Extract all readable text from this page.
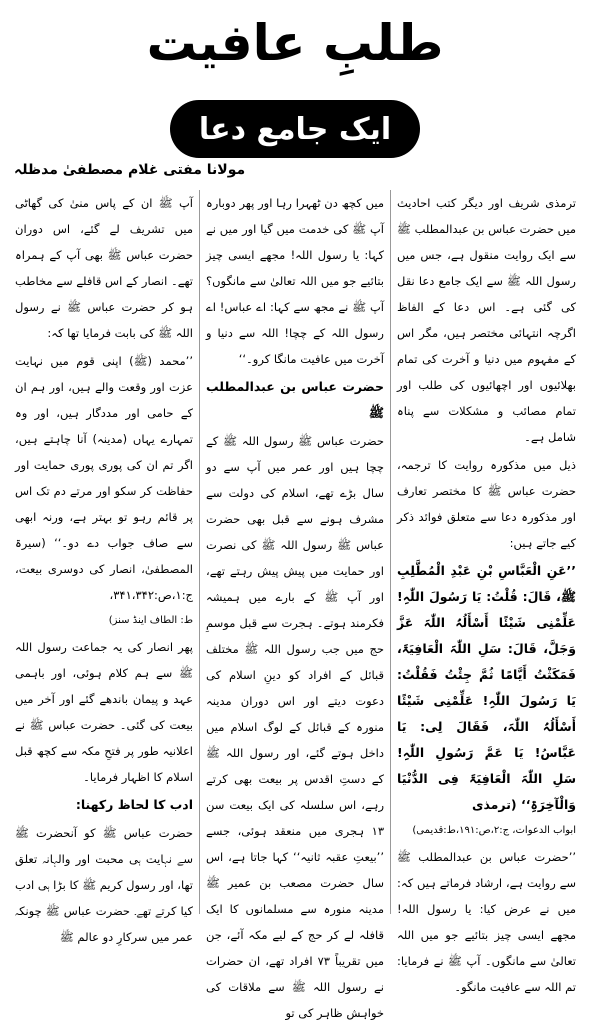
طلبِ عافیت
ایک جامع دعا
مولانا مفتی غلام مصطفیٰ مدظلہ

ترمذی شریف اور دیگر کتب احادیث میں حضرت عباس بن عبدالمطلب ﷺ سے ایک روایت منقول ہے، جس میں رسول اللہ ﷺ سے ایک جامع دعا نقل کی گئی ہے۔ اس دعا کے الفاظ اگرچہ انتہائی مختصر ہیں، مگر اس کے مفہوم میں دنیا و آخرت کی تمام بھلائیوں اور اچھائیوں کی طلب اور تمام مصائب و مشکلات سے پناہ شامل ہے۔

ذیل میں مذکورہ روایت کا ترجمہ، حضرت عباس ﷺ کا مختصر تعارف اور مذکورہ دعا سے متعلق فوائد ذکر کیے جاتے ہیں:

’’عَنِ الْعَبَّاسِ بْنِ عَبْدِ الْمُطَّلِبِ ﷺ، قَالَ: قُلْتُ: یَا رَسُولَ اللّٰہِ! عَلِّمْنِی شَیْئًا أَسْأَلُہُ اللّٰہَ عَزَّ وَجَلَّ، قَالَ: سَلِ اللّٰہَ الْعَافِیَۃَ، فَمَکَثْتُ أَیَّامًا ثُمَّ جِئْتُ فَقُلْتُ: یَا رَسُولَ اللّٰہِ! عَلِّمْنِی شَیْئًا أَسْأَلُہُ اللّٰہَ، فَقَالَ لِی: یَا عَبَّاسُ! یَا عَمَّ رَسُولِ اللّٰہِ! سَلِ اللّٰہَ الْعَافِیَۃَ فِی الدُّنْیَا وَالْآخِرَۃِ‘‘ (ترمذی

ابواب الدعوات، ج:۲،ص:۱۹۱،ط:قدیمی)

’’حضرت عباس بن عبدالمطلب ﷺ سے روایت ہے، ارشاد فرماتے ہیں کہ: میں نے عرض کیا: یا رسول اللہ! مجھے ایسی چیز بتائیے جو میں اللہ تعالیٰ سے مانگوں۔ آپ ﷺ نے فرمایا: تم اللہ سے عافیت مانگو۔

میں کچھ دن ٹھہرا رہا اور پھر دوبارہ آپ ﷺ کی خدمت میں گیا اور میں نے کہا: یا رسول اللہ! مجھے ایسی چیز بتائیے جو میں اللہ تعالیٰ سے مانگوں؟ آپ ﷺ نے مجھ سے کہا: اے عباس! اے رسول اللہ کے چچا! اللہ سے دنیا و آخرت میں عافیت مانگا کرو۔‘‘

حضرت عباس بن عبدالمطلب ﷺ

حضرت عباس ﷺ رسول اللہ ﷺ کے چچا ہیں اور عمر میں آپ سے دو سال بڑے تھے، اسلام کی دولت سے مشرف ہونے سے قبل بھی حضرت عباس ﷺ رسول اللہ ﷺ کی نصرت اور حمایت میں پیش پیش رہتے تھے، اور آپ ﷺ کے بارے میں ہمیشہ فکرمند ہوتے۔ ہجرت سے قبل موسمِ حج میں جب رسول اللہ ﷺ مختلف قبائل کے افراد کو دینِ اسلام کی دعوت دیتے اور اس دوران مدینہ منورہ کے قبائل کے لوگ اسلام میں داخل ہوتے گئے، اور رسول اللہ ﷺ کے دستِ اقدس پر بیعت بھی کرتے رہے، اس سلسلہ کی ایک بیعت سن ۱۳ ہجری میں منعقد ہوئی، جسے ’’بیعتِ عقبہ ثانیہ‘‘ کہا جاتا ہے، اس سال حضرت مصعب بن عمیر ﷺ مدینہ منورہ سے مسلمانوں کا ایک قافلہ لے کر حج کے لیے مکہ آئے، جن میں تقریباً ۷۳ افراد تھے، ان حضرات نے رسول اللہ ﷺ سے ملاقات کی خواہش ظاہر کی تو

آپ ﷺ ان کے پاس منیٰ کی گھاٹی میں تشریف لے گئے، اس دوران حضرت عباس ﷺ بھی آپ کے ہمراہ تھے۔ انصار کے اس قافلے سے مخاطب ہو کر حضرت عباس ﷺ نے رسول اللہ ﷺ کی بابت فرمایا تھا کہ:

’’محمد (ﷺ) اپنی قوم میں نہایت عزت اور وقعت والے ہیں، اور ہم ان کے حامی اور مددگار ہیں، اور وہ تمہارے یہاں (مدینہ) آنا چاہتے ہیں، اگر تم ان کی پوری پوری حمایت اور حفاظت کر سکو اور مرتے دم تک اس پر قائم رہو تو بہتر ہے، ورنہ ابھی سے صاف جواب دے دو۔‘‘ (سیرۃ المصطفیٰ، انصار کی دوسری بیعت، ج:۱،ص:۳۴۱،۳۴۲،

ط: الطاف اینڈ سنز)

پھر انصار کی یہ جماعت رسول اللہ ﷺ سے ہم کلام ہوئی، اور باہمی عہد و پیمان باندھے گئے اور آخر میں بیعت کی گئی۔ حضرت عباس ﷺ نے اعلانیہ طور پر فتحِ مکہ سے کچھ قبل اسلام کا اظہار فرمایا۔

ادب کا لحاظ رکھنا:

حضرت عباس ﷺ کو آنحضرت ﷺ سے نہایت ہی محبت اور والہانہ تعلق تھا، اور رسول کریم ﷺ کا بڑا ہی ادب کیا کرتے تھے۔ حضرت عباس ﷺ چونکہ عمر میں سرکارِ دو عالم ﷺ
